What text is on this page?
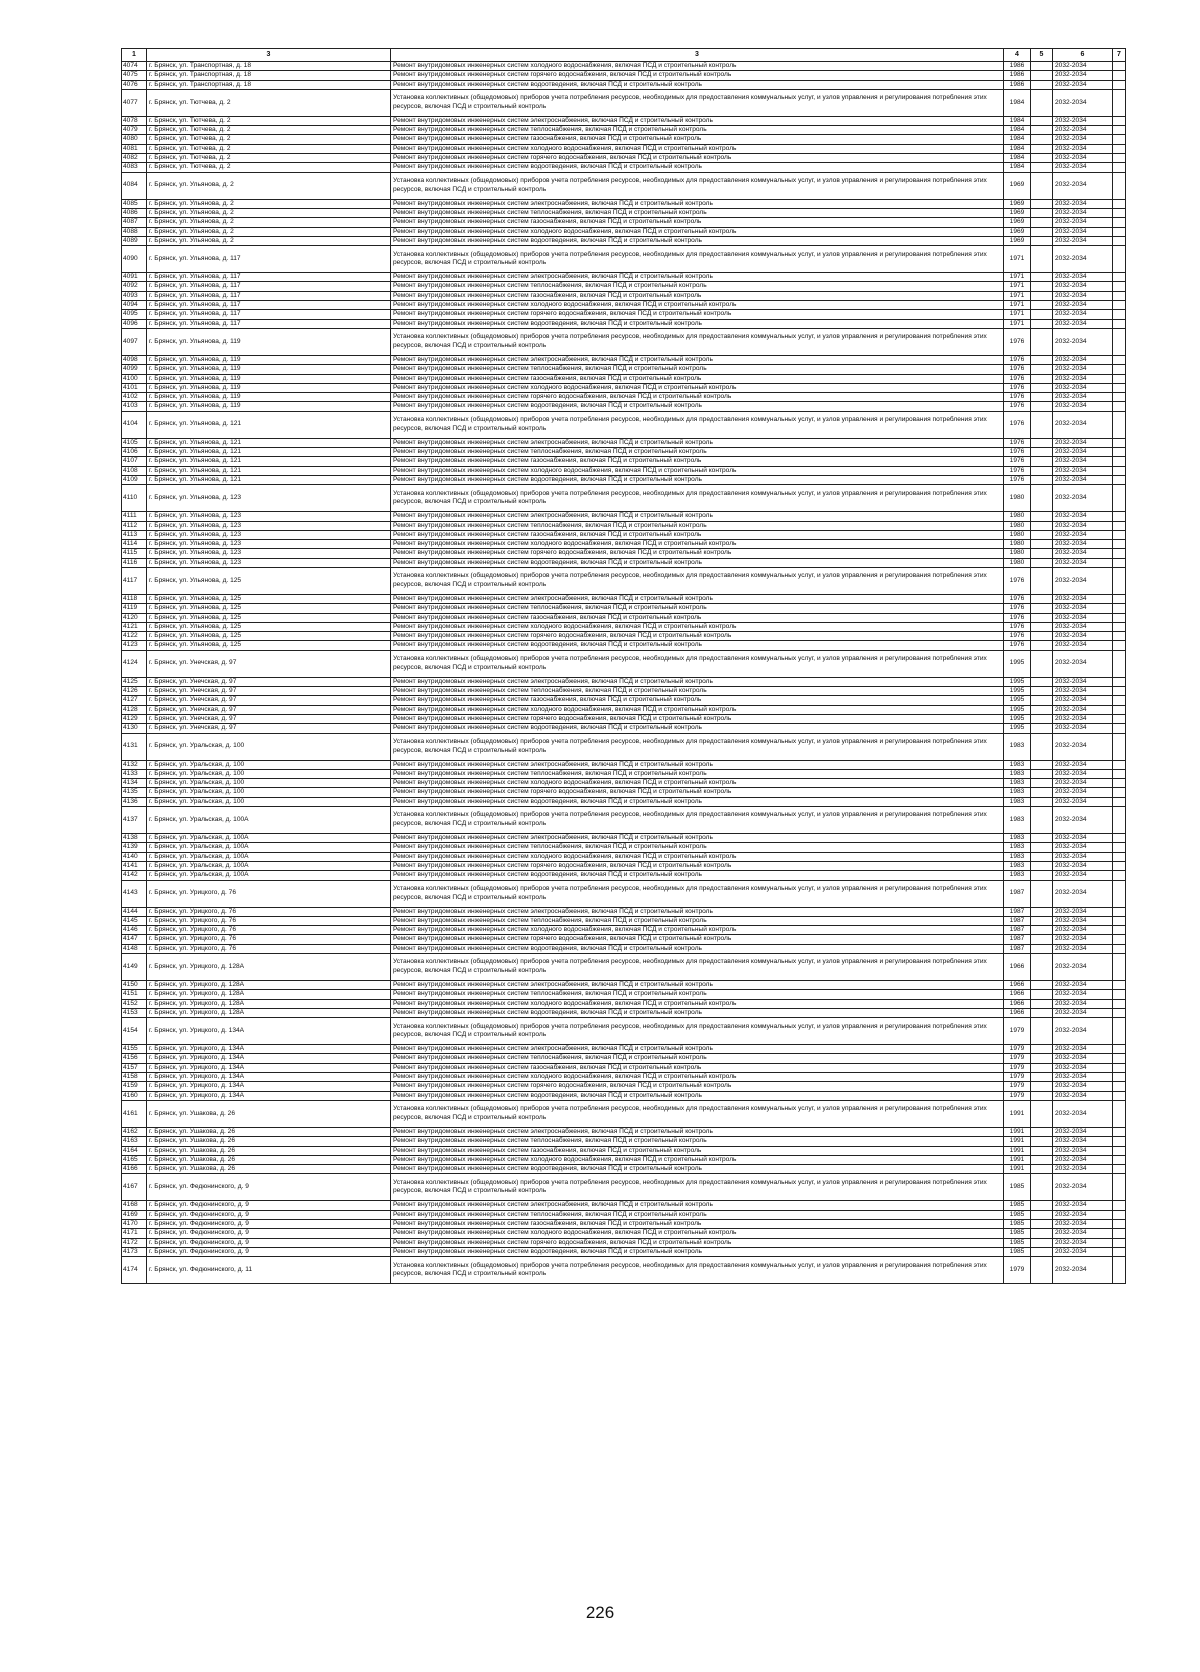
1	3	3	4	5	6	7
4074	г. Брянск, ул. Транспортная, д. 18	Ремонт внутридомовых инженерных систем холодного водоснабжения, включая ПСД и строительный контроль	1986		2032-2034	
4075	г. Брянск, ул. Транспортная, д. 18	Ремонт внутридомовых инженерных систем горячего водоснабжения, включая ПСД и строительный контроль	1986		2032-2034	
4076	г. Брянск, ул. Транспортная, д. 18	Ремонт внутридомовых инженерных систем водоотведения, включая ПСД и строительный контроль	1986		2032-2034	
4077	г. Брянск, ул. Тютчева, д. 2	Установка коллективных (общедомовых) приборов учета потребления ресурсов, необходимых для предоставления коммунальных услуг, и узлов управления и регулирования потребления этих ресурсов, включая ПСД и строительный контроль	1984		2032-2034	
4078	г. Брянск, ул. Тютчева, д. 2	Ремонт внутридомовых инженерных систем электроснабжения, включая ПСД и строительный контроль	1984		2032-2034	
4079	г. Брянск, ул. Тютчева, д. 2	Ремонт внутридомовых инженерных систем теплоснабжения, включая ПСД и строительный контроль	1984		2032-2034	
4080	г. Брянск, ул. Тютчева, д. 2	Ремонт внутридомовых инженерных систем газоснабжения, включая ПСД и строительный контроль	1984		2032-2034	
4081	г. Брянск, ул. Тютчева, д. 2	Ремонт внутридомовых инженерных систем холодного водоснабжения, включая ПСД и строительный контроль	1984		2032-2034	
4082	г. Брянск, ул. Тютчева, д. 2	Ремонт внутридомовых инженерных систем горячего водоснабжения, включая ПСД и строительный контроль	1984		2032-2034	
4083	г. Брянск, ул. Тютчева, д. 2	Ремонт внутридомовых инженерных систем водоотведения, включая ПСД и строительный контроль	1984		2032-2034	
4084	г. Брянск, ул. Ульянова, д. 2	Установка коллективных (общедомовых) приборов учета потребления ресурсов, необходимых для предоставления коммунальных услуг, и узлов управления и регулирования потребления этих ресурсов, включая ПСД и строительный контроль	1969		2032-2034	
4085	г. Брянск, ул. Ульянова, д. 2	Ремонт внутридомовых инженерных систем электроснабжения, включая ПСД и строительный контроль	1969		2032-2034	
4086	г. Брянск, ул. Ульянова, д. 2	Ремонт внутридомовых инженерных систем теплоснабжения, включая ПСД и строительный контроль	1969		2032-2034	
4087	г. Брянск, ул. Ульянова, д. 2	Ремонт внутридомовых инженерных систем газоснабжения, включая ПСД и строительный контроль	1969		2032-2034	
4088	г. Брянск, ул. Ульянова, д. 2	Ремонт внутридомовых инженерных систем холодного водоснабжения, включая ПСД и строительный контроль	1969		2032-2034	
4089	г. Брянск, ул. Ульянова, д. 2	Ремонт внутридомовых инженерных систем водоотведения, включая ПСД и строительный контроль	1969		2032-2034	
4090	г. Брянск, ул. Ульянова, д. 117	Установка коллективных (общедомовых) приборов учета потребления ресурсов, необходимых для предоставления коммунальных услуг, и узлов управления и регулирования потребления этих ресурсов, включая ПСД и строительный контроль	1971		2032-2034	
4091	г. Брянск, ул. Ульянова, д. 117	Ремонт внутридомовых инженерных систем электроснабжения, включая ПСД и строительный контроль	1971		2032-2034	
4092	г. Брянск, ул. Ульянова, д. 117	Ремонт внутридомовых инженерных систем теплоснабжения, включая ПСД и строительный контроль	1971		2032-2034	
4093	г. Брянск, ул. Ульянова, д. 117	Ремонт внутридомовых инженерных систем газоснабжения, включая ПСД и строительный контроль	1971		2032-2034	
4094	г. Брянск, ул. Ульянова, д. 117	Ремонт внутридомовых инженерных систем холодного водоснабжения, включая ПСД и строительный контроль	1971		2032-2034	
4095	г. Брянск, ул. Ульянова, д. 117	Ремонт внутридомовых инженерных систем горячего водоснабжения, включая ПСД и строительный контроль	1971		2032-2034	
4096	г. Брянск, ул. Ульянова, д. 117	Ремонт внутридомовых инженерных систем водоотведения, включая ПСД и строительный контроль	1971		2032-2034	
4097	г. Брянск, ул. Ульянова, д. 119	Установка коллективных (общедомовых) приборов учета потребления ресурсов, необходимых для предоставления коммунальных услуг, и узлов управления и регулирования потребления этих ресурсов, включая ПСД и строительный контроль	1976		2032-2034	
4098	г. Брянск, ул. Ульянова, д. 119	Ремонт внутридомовых инженерных систем электроснабжения, включая ПСД и строительный контроль	1976		2032-2034	
4099	г. Брянск, ул. Ульянова, д. 119	Ремонт внутридомовых инженерных систем теплоснабжения, включая ПСД и строительный контроль	1976		2032-2034	
4100	г. Брянск, ул. Ульянова, д. 119	Ремонт внутридомовых инженерных систем газоснабжения, включая ПСД и строительный контроль	1976		2032-2034	
4101	г. Брянск, ул. Ульянова, д. 119	Ремонт внутридомовых инженерных систем холодного водоснабжения, включая ПСД и строительный контроль	1976		2032-2034	
4102	г. Брянск, ул. Ульянова, д. 119	Ремонт внутридомовых инженерных систем горячего водоснабжения, включая ПСД и строительный контроль	1976		2032-2034	
4103	г. Брянск, ул. Ульянова, д. 119	Ремонт внутридомовых инженерных систем водоотведения, включая ПСД и строительный контроль	1976		2032-2034	
4104	г. Брянск, ул. Ульянова, д. 121	Установка коллективных (общедомовых) приборов учета потребления ресурсов, необходимых для предоставления коммунальных услуг, и узлов управления и регулирования потребления этих ресурсов, включая ПСД и строительный контроль	1976		2032-2034	
4105	г. Брянск, ул. Ульянова, д. 121	Ремонт внутридомовых инженерных систем электроснабжения, включая ПСД и строительный контроль	1976		2032-2034	
4106	г. Брянск, ул. Ульянова, д. 121	Ремонт внутридомовых инженерных систем теплоснабжения, включая ПСД и строительный контроль	1976		2032-2034	
4107	г. Брянск, ул. Ульянова, д. 121	Ремонт внутридомовых инженерных систем газоснабжения, включая ПСД и строительный контроль	1976		2032-2034	
4108	г. Брянск, ул. Ульянова, д. 121	Ремонт внутридомовых инженерных систем холодного водоснабжения, включая ПСД и строительный контроль	1976		2032-2034	
4109	г. Брянск, ул. Ульянова, д. 121	Ремонт внутридомовых инженерных систем водоотведения, включая ПСД и строительный контроль	1976		2032-2034	
4110	г. Брянск, ул. Ульянова, д. 123	Установка коллективных (общедомовых) приборов учета потребления ресурсов, необходимых для предоставления коммунальных услуг, и узлов управления и регулирования потребления этих ресурсов, включая ПСД и строительный контроль	1980		2032-2034	
4111	г. Брянск, ул. Ульянова, д. 123	Ремонт внутридомовых инженерных систем электроснабжения, включая ПСД и строительный контроль	1980		2032-2034	
4112	г. Брянск, ул. Ульянова, д. 123	Ремонт внутридомовых инженерных систем теплоснабжения, включая ПСД и строительный контроль	1980		2032-2034	
4113	г. Брянск, ул. Ульянова, д. 123	Ремонт внутридомовых инженерных систем газоснабжения, включая ПСД и строительный контроль	1980		2032-2034	
4114	г. Брянск, ул. Ульянова, д. 123	Ремонт внутридомовых инженерных систем холодного водоснабжения, включая ПСД и строительный контроль	1980		2032-2034	
4115	г. Брянск, ул. Ульянова, д. 123	Ремонт внутридомовых инженерных систем горячего водоснабжения, включая ПСД и строительный контроль	1980		2032-2034	
4116	г. Брянск, ул. Ульянова, д. 123	Ремонт внутридомовых инженерных систем водоотведения, включая ПСД и строительный контроль	1980		2032-2034	
4117	г. Брянск, ул. Ульянова, д. 125	Установка коллективных (общедомовых) приборов учета потребления ресурсов, необходимых для предоставления коммунальных услуг, и узлов управления и регулирования потребления этих ресурсов, включая ПСД и строительный контроль	1976		2032-2034	
4118	г. Брянск, ул. Ульянова, д. 125	Ремонт внутридомовых инженерных систем электроснабжения, включая ПСД и строительный контроль	1976		2032-2034	
4119	г. Брянск, ул. Ульянова, д. 125	Ремонт внутридомовых инженерных систем теплоснабжения, включая ПСД и строительный контроль	1976		2032-2034	
4120	г. Брянск, ул. Ульянова, д. 125	Ремонт внутридомовых инженерных систем газоснабжения, включая ПСД и строительный контроль	1976		2032-2034	
4121	г. Брянск, ул. Ульянова, д. 125	Ремонт внутридомовых инженерных систем холодного водоснабжения, включая ПСД и строительный контроль	1976		2032-2034	
4122	г. Брянск, ул. Ульянова, д. 125	Ремонт внутридомовых инженерных систем горячего водоснабжения, включая ПСД и строительный контроль	1976		2032-2034	
4123	г. Брянск, ул. Ульянова, д. 125	Ремонт внутридомовых инженерных систем водоотведения, включая ПСД и строительный контроль	1976		2032-2034	
4124	г. Брянск, ул. Унечская, д. 97	Установка коллективных (общедомовых) приборов учета потребления ресурсов, необходимых для предоставления коммунальных услуг, и узлов управления и регулирования потребления этих ресурсов, включая ПСД и строительный контроль	1995		2032-2034	
4125	г. Брянск, ул. Унечская, д. 97	Ремонт внутридомовых инженерных систем электроснабжения, включая ПСД и строительный контроль	1995		2032-2034	
4126	г. Брянск, ул. Унечская, д. 97	Ремонт внутридомовых инженерных систем теплоснабжения, включая ПСД и строительный контроль	1995		2032-2034	
4127	г. Брянск, ул. Унечская, д. 97	Ремонт внутридомовых инженерных систем газоснабжения, включая ПСД и строительный контроль	1995		2032-2034	
4128	г. Брянск, ул. Унечская, д. 97	Ремонт внутридомовых инженерных систем холодного водоснабжения, включая ПСД и строительный контроль	1995		2032-2034	
4129	г. Брянск, ул. Унечская, д. 97	Ремонт внутридомовых инженерных систем горячего водоснабжения, включая ПСД и строительный контроль	1995		2032-2034	
4130	г. Брянск, ул. Унечская, д. 97	Ремонт внутридомовых инженерных систем водоотведения, включая ПСД и строительный контроль	1995		2032-2034	
4131	г. Брянск, ул. Уральская, д. 100	Установка коллективных (общедомовых) приборов учета потребления ресурсов, необходимых для предоставления коммунальных услуг, и узлов управления и регулирования потребления этих ресурсов, включая ПСД и строительный контроль	1983		2032-2034	
4132	г. Брянск, ул. Уральская, д. 100	Ремонт внутридомовых инженерных систем электроснабжения, включая ПСД и строительный контроль	1983		2032-2034	
4133	г. Брянск, ул. Уральская, д. 100	Ремонт внутридомовых инженерных систем теплоснабжения, включая ПСД и строительный контроль	1983		2032-2034	
4134	г. Брянск, ул. Уральская, д. 100	Ремонт внутридомовых инженерных систем холодного водоснабжения, включая ПСД и строительный контроль	1983		2032-2034	
4135	г. Брянск, ул. Уральская, д. 100	Ремонт внутридомовых инженерных систем горячего водоснабжения, включая ПСД и строительный контроль	1983		2032-2034	
4136	г. Брянск, ул. Уральская, д. 100	Ремонт внутридомовых инженерных систем водоотведения, включая ПСД и строительный контроль	1983		2032-2034	
4137	г. Брянск, ул. Уральская, д. 100А	Установка коллективных (общедомовых) приборов учета потребления ресурсов, необходимых для предоставления коммунальных услуг, и узлов управления и регулирования потребления этих ресурсов, включая ПСД и строительный контроль	1983		2032-2034	
4138	г. Брянск, ул. Уральская, д. 100А	Ремонт внутридомовых инженерных систем электроснабжения, включая ПСД и строительный контроль	1983		2032-2034	
4139	г. Брянск, ул. Уральская, д. 100А	Ремонт внутридомовых инженерных систем теплоснабжения, включая ПСД и строительный контроль	1983		2032-2034	
4140	г. Брянск, ул. Уральская, д. 100А	Ремонт внутридомовых инженерных систем холодного водоснабжения, включая ПСД и строительный контроль	1983		2032-2034	
4141	г. Брянск, ул. Уральская, д. 100А	Ремонт внутридомовых инженерных систем горячего водоснабжения, включая ПСД и строительный контроль	1983		2032-2034	
4142	г. Брянск, ул. Уральская, д. 100А	Ремонт внутридомовых инженерных систем водоотведения, включая ПСД и строительный контроль	1983		2032-2034	
4143	г. Брянск, ул. Урицкого, д. 76	Установка коллективных (общедомовых) приборов учета потребления ресурсов, необходимых для предоставления коммунальных услуг, и узлов управления и регулирования потребления этих ресурсов, включая ПСД и строительный контроль	1987		2032-2034	
4144	г. Брянск, ул. Урицкого, д. 76	Ремонт внутридомовых инженерных систем электроснабжения, включая ПСД и строительный контроль	1987		2032-2034	
4145	г. Брянск, ул. Урицкого, д. 76	Ремонт внутридомовых инженерных систем теплоснабжения, включая ПСД и строительный контроль	1987		2032-2034	
4146	г. Брянск, ул. Урицкого, д. 76	Ремонт внутридомовых инженерных систем холодного водоснабжения, включая ПСД и строительный контроль	1987		2032-2034	
4147	г. Брянск, ул. Урицкого, д. 76	Ремонт внутридомовых инженерных систем горячего водоснабжения, включая ПСД и строительный контроль	1987		2032-2034	
4148	г. Брянск, ул. Урицкого, д. 76	Ремонт внутридомовых инженерных систем водоотведения, включая ПСД и строительный контроль	1987		2032-2034	
4149	г. Брянск, ул. Урицкого, д. 128А	Установка коллективных (общедомовых) приборов учета потребления ресурсов, необходимых для предоставления коммунальных услуг, и узлов управления и регулирования потребления этих ресурсов, включая ПСД и строительный контроль	1966		2032-2034	
4150	г. Брянск, ул. Урицкого, д. 128А	Ремонт внутридомовых инженерных систем электроснабжения, включая ПСД и строительный контроль	1966		2032-2034	
4151	г. Брянск, ул. Урицкого, д. 128А	Ремонт внутридомовых инженерных систем теплоснабжения, включая ПСД и строительный контроль	1966		2032-2034	
4152	г. Брянск, ул. Урицкого, д. 128А	Ремонт внутридомовых инженерных систем холодного водоснабжения, включая ПСД и строительный контроль	1966		2032-2034	
4153	г. Брянск, ул. Урицкого, д. 128А	Ремонт внутридомовых инженерных систем водоотведения, включая ПСД и строительный контроль	1966		2032-2034	
4154	г. Брянск, ул. Урицкого, д. 134А	Установка коллективных (общедомовых) приборов учета потребления ресурсов, необходимых для предоставления коммунальных услуг, и узлов управления и регулирования потребления этих ресурсов, включая ПСД и строительный контроль	1979		2032-2034	
4155	г. Брянск, ул. Урицкого, д. 134А	Ремонт внутридомовых инженерных систем электроснабжения, включая ПСД и строительный контроль	1979		2032-2034	
4156	г. Брянск, ул. Урицкого, д. 134А	Ремонт внутридомовых инженерных систем теплоснабжения, включая ПСД и строительный контроль	1979		2032-2034	
4157	г. Брянск, ул. Урицкого, д. 134А	Ремонт внутридомовых инженерных систем газоснабжения, включая ПСД и строительный контроль	1979		2032-2034	
4158	г. Брянск, ул. Урицкого, д. 134А	Ремонт внутридомовых инженерных систем холодного водоснабжения, включая ПСД и строительный контроль	1979		2032-2034	
4159	г. Брянск, ул. Урицкого, д. 134А	Ремонт внутридомовых инженерных систем горячего водоснабжения, включая ПСД и строительный контроль	1979		2032-2034	
4160	г. Брянск, ул. Урицкого, д. 134А	Ремонт внутридомовых инженерных систем водоотведения, включая ПСД и строительный контроль	1979		2032-2034	
4161	г. Брянск, ул. Ушакова, д. 26	Установка коллективных (общедомовых) приборов учета потребления ресурсов, необходимых для предоставления коммунальных услуг, и узлов управления и регулирования потребления этих ресурсов, включая ПСД и строительный контроль	1991		2032-2034	
4162	г. Брянск, ул. Ушакова, д. 26	Ремонт внутридомовых инженерных систем электроснабжения, включая ПСД и строительный контроль	1991		2032-2034	
4163	г. Брянск, ул. Ушакова, д. 26	Ремонт внутридомовых инженерных систем теплоснабжения, включая ПСД и строительный контроль	1991		2032-2034	
4164	г. Брянск, ул. Ушакова, д. 26	Ремонт внутридомовых инженерных систем газоснабжения, включая ПСД и строительный контроль	1991		2032-2034	
4165	г. Брянск, ул. Ушакова, д. 26	Ремонт внутридомовых инженерных систем холодного водоснабжения, включая ПСД и строительный контроль	1991		2032-2034	
4166	г. Брянск, ул. Ушакова, д. 26	Ремонт внутридомовых инженерных систем водоотведения, включая ПСД и строительный контроль	1991		2032-2034	
4167	г. Брянск, ул. Федюнинского, д. 9	Установка коллективных (общедомовых) приборов учета потребления ресурсов, необходимых для предоставления коммунальных услуг, и узлов управления и регулирования потребления этих ресурсов, включая ПСД и строительный контроль	1985		2032-2034	
4168	г. Брянск, ул. Федюнинского, д. 9	Ремонт внутридомовых инженерных систем электроснабжения, включая ПСД и строительный контроль	1985		2032-2034	
4169	г. Брянск, ул. Федюнинского, д. 9	Ремонт внутридомовых инженерных систем теплоснабжения, включая ПСД и строительный контроль	1985		2032-2034	
4170	г. Брянск, ул. Федюнинского, д. 9	Ремонт внутридомовых инженерных систем газоснабжения, включая ПСД и строительный контроль	1985		2032-2034	
4171	г. Брянск, ул. Федюнинского, д. 9	Ремонт внутридомовых инженерных систем холодного водоснабжения, включая ПСД и строительный контроль	1985		2032-2034	
4172	г. Брянск, ул. Федюнинского, д. 9	Ремонт внутридомовых инженерных систем горячего водоснабжения, включая ПСД и строительный контроль	1985		2032-2034	
4173	г. Брянск, ул. Федюнинского, д. 9	Ремонт внутридомовых инженерных систем водоотведения, включая ПСД и строительный контроль	1985		2032-2034	
4174	г. Брянск, ул. Федюнинского, д. 11	Установка коллективных (общедомовых) приборов учета потребления ресурсов, необходимых для предоставления коммунальных услуг, и узлов управления и регулирования потребления этих ресурсов, включая ПСД и строительный контроль	1979		2032-2034	
226
